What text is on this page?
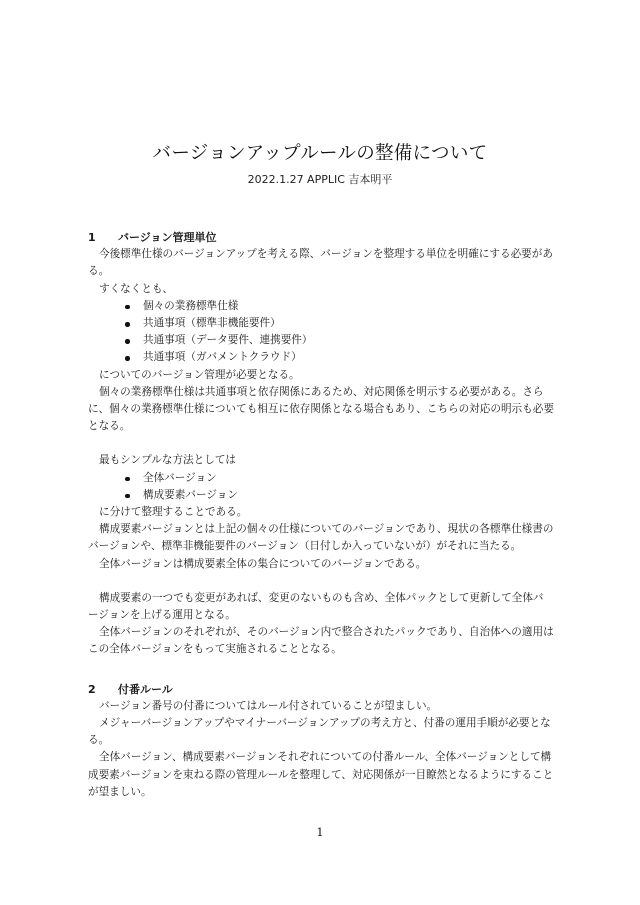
バージョンアップルールの整備について
2022.1.27 APPLIC 吉本明平
1 バージョン管理単位

今後標準仕様のバージョンアップを考える際、バージョンを整理する単位を明確にする必要がある。

すくなくとも、

個々の業務標準仕様
共通事項（標準非機能要件）
共通事項（データ要件、連携要件）
共通事項（ガバメントクラウド）

についてのバージョン管理が必要となる。

個々の業務標準仕様は共通事項と依存関係にあるため、対応関係を明示する必要がある。さらに、個々の業務標準仕様についても相互に依存関係となる場合もあり、こちらの対応の明示も必要となる。

最もシンプルな方法としては

全体バージョン
構成要素バージョン

に分けて整理することである。

構成要素バージョンとは上記の個々の仕様についてのバージョンであり、現状の各標準仕様書のバージョンや、標準非機能要件のバージョン（日付しか入っていないが）がそれに当たる。

全体バージョンは構成要素全体の集合についてのバージョンである。

構成要素の一つでも変更があれば、変更のないものも含め、全体パックとして更新して全体バージョンを上げる運用となる。

全体バージョンのそれぞれが、そのバージョン内で整合されたパックであり、自治体への適用はこの全体バージョンをもって実施されることとなる。

2 付番ルール

バージョン番号の付番についてはルール付されていることが望ましい。

メジャーバージョンアップやマイナーバージョンアップの考え方と、付番の運用手順が必要となる。

全体バージョン、構成要素バージョンそれぞれについての付番ルール、全体バージョンとして構成要素バージョンを束ねる際の管理ルールを整理して、対応関係が一目瞭然となるようにすることが望ましい。

1
